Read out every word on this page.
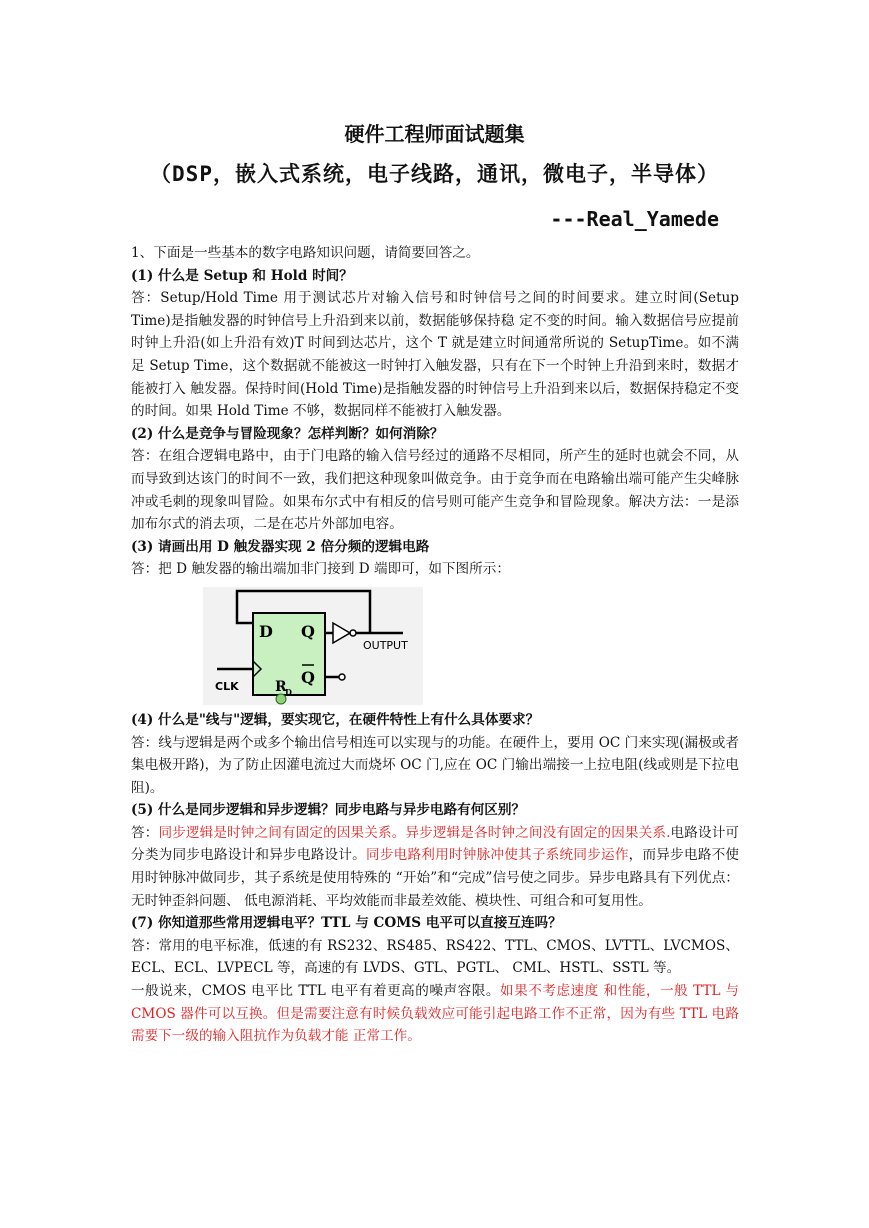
硬件工程师面试题集
（DSP，嵌入式系统，电子线路，通讯，微电子，半导体）
---Real_Yamede

1、下面是一些基本的数字电路知识问题，请简要回答之。

(1) 什么是 Setup 和 Hold 时间？

答：Setup/Hold Time 用于测试芯片对输入信号和时钟信号之间的时间要求。建立时间(Setup Time)是指触发器的时钟信号上升沿到来以前，数据能够保持稳 定不变的时间。输入数据信号应提前时钟上升沿(如上升沿有效)T 时间到达芯片，这个 T 就是建立时间通常所说的 SetupTime。如不满足 Setup Time，这个数据就不能被这一时钟打入触发器，只有在下一个时钟上升沿到来时，数据才能被打入 触发器。保持时间(Hold Time)是指触发器的时钟信号上升沿到来以后，数据保持稳定不变的时间。如果 Hold Time 不够，数据同样不能被打入触发器。

(2) 什么是竞争与冒险现象？怎样判断？如何消除？

答：在组合逻辑电路中，由于门电路的输入信号经过的通路不尽相同，所产生的延时也就会不同，从而导致到达该门的时间不一致，我们把这种现象叫做竞争。由于竞争而在电路输出端可能产生尖峰脉冲或毛刺的现象叫冒险。如果布尔式中有相反的信号则可能产生竞争和冒险现象。解决方法：一是添加布尔式的消去项，二是在芯片外部加电容。

(3) 请画出用 D 触发器实现 2 倍分频的逻辑电路

答：把 D 触发器的输出端加非门接到 D 端即可，如下图所示：

D Q
Q
R
D
CLK
OUTPUT

(4) 什么是"线与"逻辑，要实现它，在硬件特性上有什么具体要求？

答：线与逻辑是两个或多个输出信号相连可以实现与的功能。在硬件上，要用 OC 门来实现(漏极或者集电极开路)，为了防止因灌电流过大而烧坏 OC 门,应在 OC 门输出端接一上拉电阻(线或则是下拉电阻)。

(5) 什么是同步逻辑和异步逻辑？同步电路与异步电路有何区别？

答：同步逻辑是时钟之间有固定的因果关系。异步逻辑是各时钟之间没有固定的因果关系.电路设计可分类为同步电路设计和异步电路设计。同步电路利用时钟脉冲使其子系统同步运作，而异步电路不使用时钟脉冲做同步，其子系统是使用特殊的 “开始”和“完成”信号使之同步。异步电路具有下列优点：无时钟歪斜问题、 低电源消耗、平均效能而非最差效能、模块性、可组合和可复用性。

(7) 你知道那些常用逻辑电平？TTL 与 COMS 电平可以直接互连吗？

答：常用的电平标准，低速的有 RS232、RS485、RS422、TTL、CMOS、LVTTL、LVCMOS、ECL、ECL、LVPECL 等，高速的有 LVDS、GTL、PGTL、 CML、HSTL、SSTL 等。

一般说来，CMOS 电平比 TTL 电平有着更高的噪声容限。如果不考虑速度 和性能，一般 TTL 与 CMOS 器件可以互换。但是需要注意有时候负载效应可能引起电路工作不正常，因为有些 TTL 电路需要下一级的输入阻抗作为负载才能 正常工作。
